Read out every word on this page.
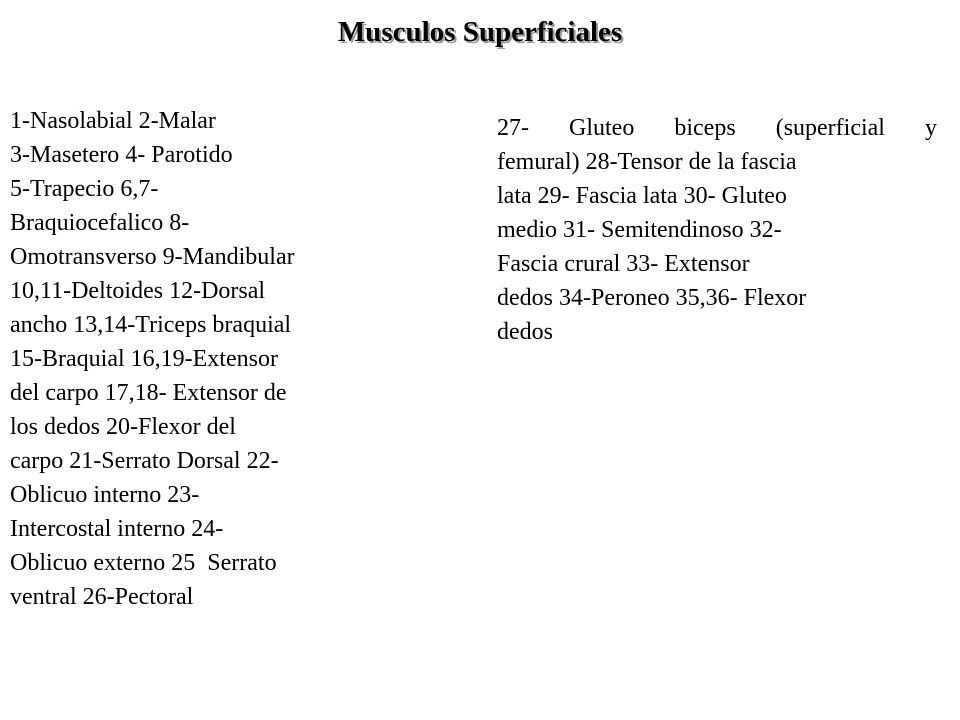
Musculos Superficiales
1-Nasolabial 2-Malar
3-Masetero 4- Parotido
5-Trapecio 6,7-
Braquiocefalico 8-
Omotransverso 9-Mandibular
10,11-Deltoides 12-Dorsal
ancho 13,14-Triceps braquial
15-Braquial 16,19-Extensor
del carpo 17,18- Extensor de
los dedos 20-Flexor del
carpo 21-Serrato Dorsal 22-
Oblicuo interno 23-
Intercostal interno 24-
Oblicuo externo 25  Serrato
ventral 26-Pectoral
27- Gluteo biceps (superficial y
femural) 28-Tensor de la fascia
lata 29- Fascia lata 30- Gluteo
medio 31- Semitendinoso 32-
Fascia crural 33- Extensor
dedos 34-Peroneo 35,36- Flexor
dedos
